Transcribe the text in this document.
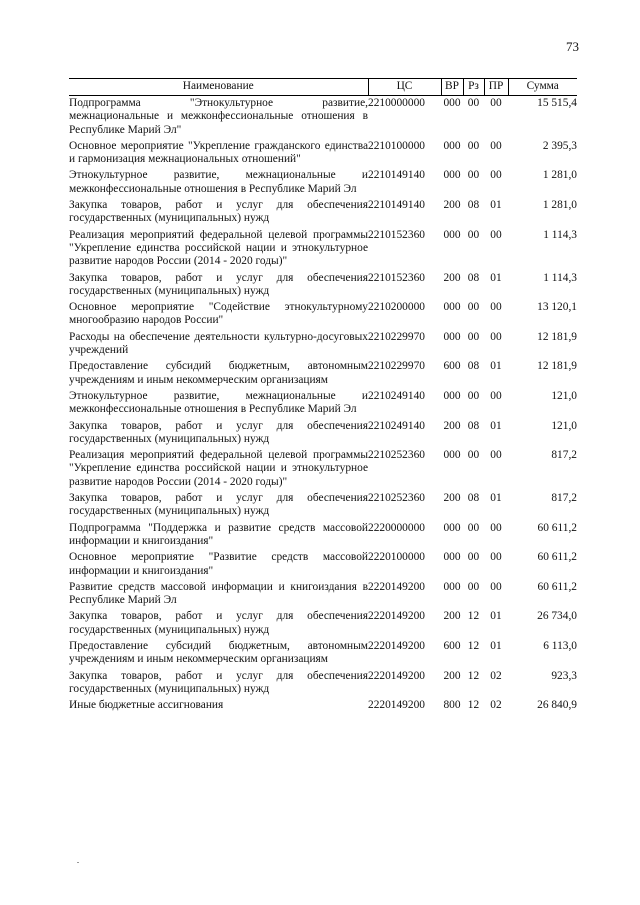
73
Наименование	ЦС	ВР	Рз	ПР	Сумма
Подпрограмма "Этнокультурное развитие, межнациональные и межконфессиональные отношения в Республике Марий Эл"	2210000000	000	00	00	15 515,4
Основное мероприятие "Укрепление гражданского единства и гармонизация межнациональных отношений"	2210100000	000	00	00	2 395,3
Этнокультурное развитие, межнациональные и межконфессиональные отношения в Республике Марий Эл	2210149140	000	00	00	1 281,0
Закупка товаров, работ и услуг для обеспечения государственных (муниципальных) нужд	2210149140	200	08	01	1 281,0
Реализация мероприятий федеральной целевой программы "Укрепление единства российской нации и этнокультурное развитие народов России (2014 - 2020 годы)"	2210152360	000	00	00	1 114,3
Закупка товаров, работ и услуг для обеспечения государственных (муниципальных) нужд	2210152360	200	08	01	1 114,3
Основное мероприятие "Содействие этнокультурному многообразию народов России"	2210200000	000	00	00	13 120,1
Расходы на обеспечение деятельности культурно-досуговых учреждений	2210229970	000	00	00	12 181,9
Предоставление субсидий бюджетным, автономным учреждениям и иным некоммерческим организациям	2210229970	600	08	01	12 181,9
Этнокультурное развитие, межнациональные и межконфессиональные отношения в Республике Марий Эл	2210249140	000	00	00	121,0
Закупка товаров, работ и услуг для обеспечения государственных (муниципальных) нужд	2210249140	200	08	01	121,0
Реализация мероприятий федеральной целевой программы "Укрепление единства российской нации и этнокультурное развитие народов России (2014 - 2020 годы)"	2210252360	000	00	00	817,2
Закупка товаров, работ и услуг для обеспечения государственных (муниципальных) нужд	2210252360	200	08	01	817,2
Подпрограмма "Поддержка и развитие средств массовой информации и книгоиздания"	2220000000	000	00	00	60 611,2
Основное мероприятие "Развитие средств массовой информации и книгоиздания"	2220100000	000	00	00	60 611,2
Развитие средств массовой информации и книгоиздания в Республике Марий Эл	2220149200	000	00	00	60 611,2
Закупка товаров, работ и услуг для обеспечения государственных (муниципальных) нужд	2220149200	200	12	01	26 734,0
Предоставление субсидий бюджетным, автономным учреждениям и иным некоммерческим организациям	2220149200	600	12	01	6 113,0
Закупка товаров, работ и услуг для обеспечения государственных (муниципальных) нужд	2220149200	200	12	02	923,3
Иные бюджетные ассигнования	2220149200	800	12	02	26 840,9
